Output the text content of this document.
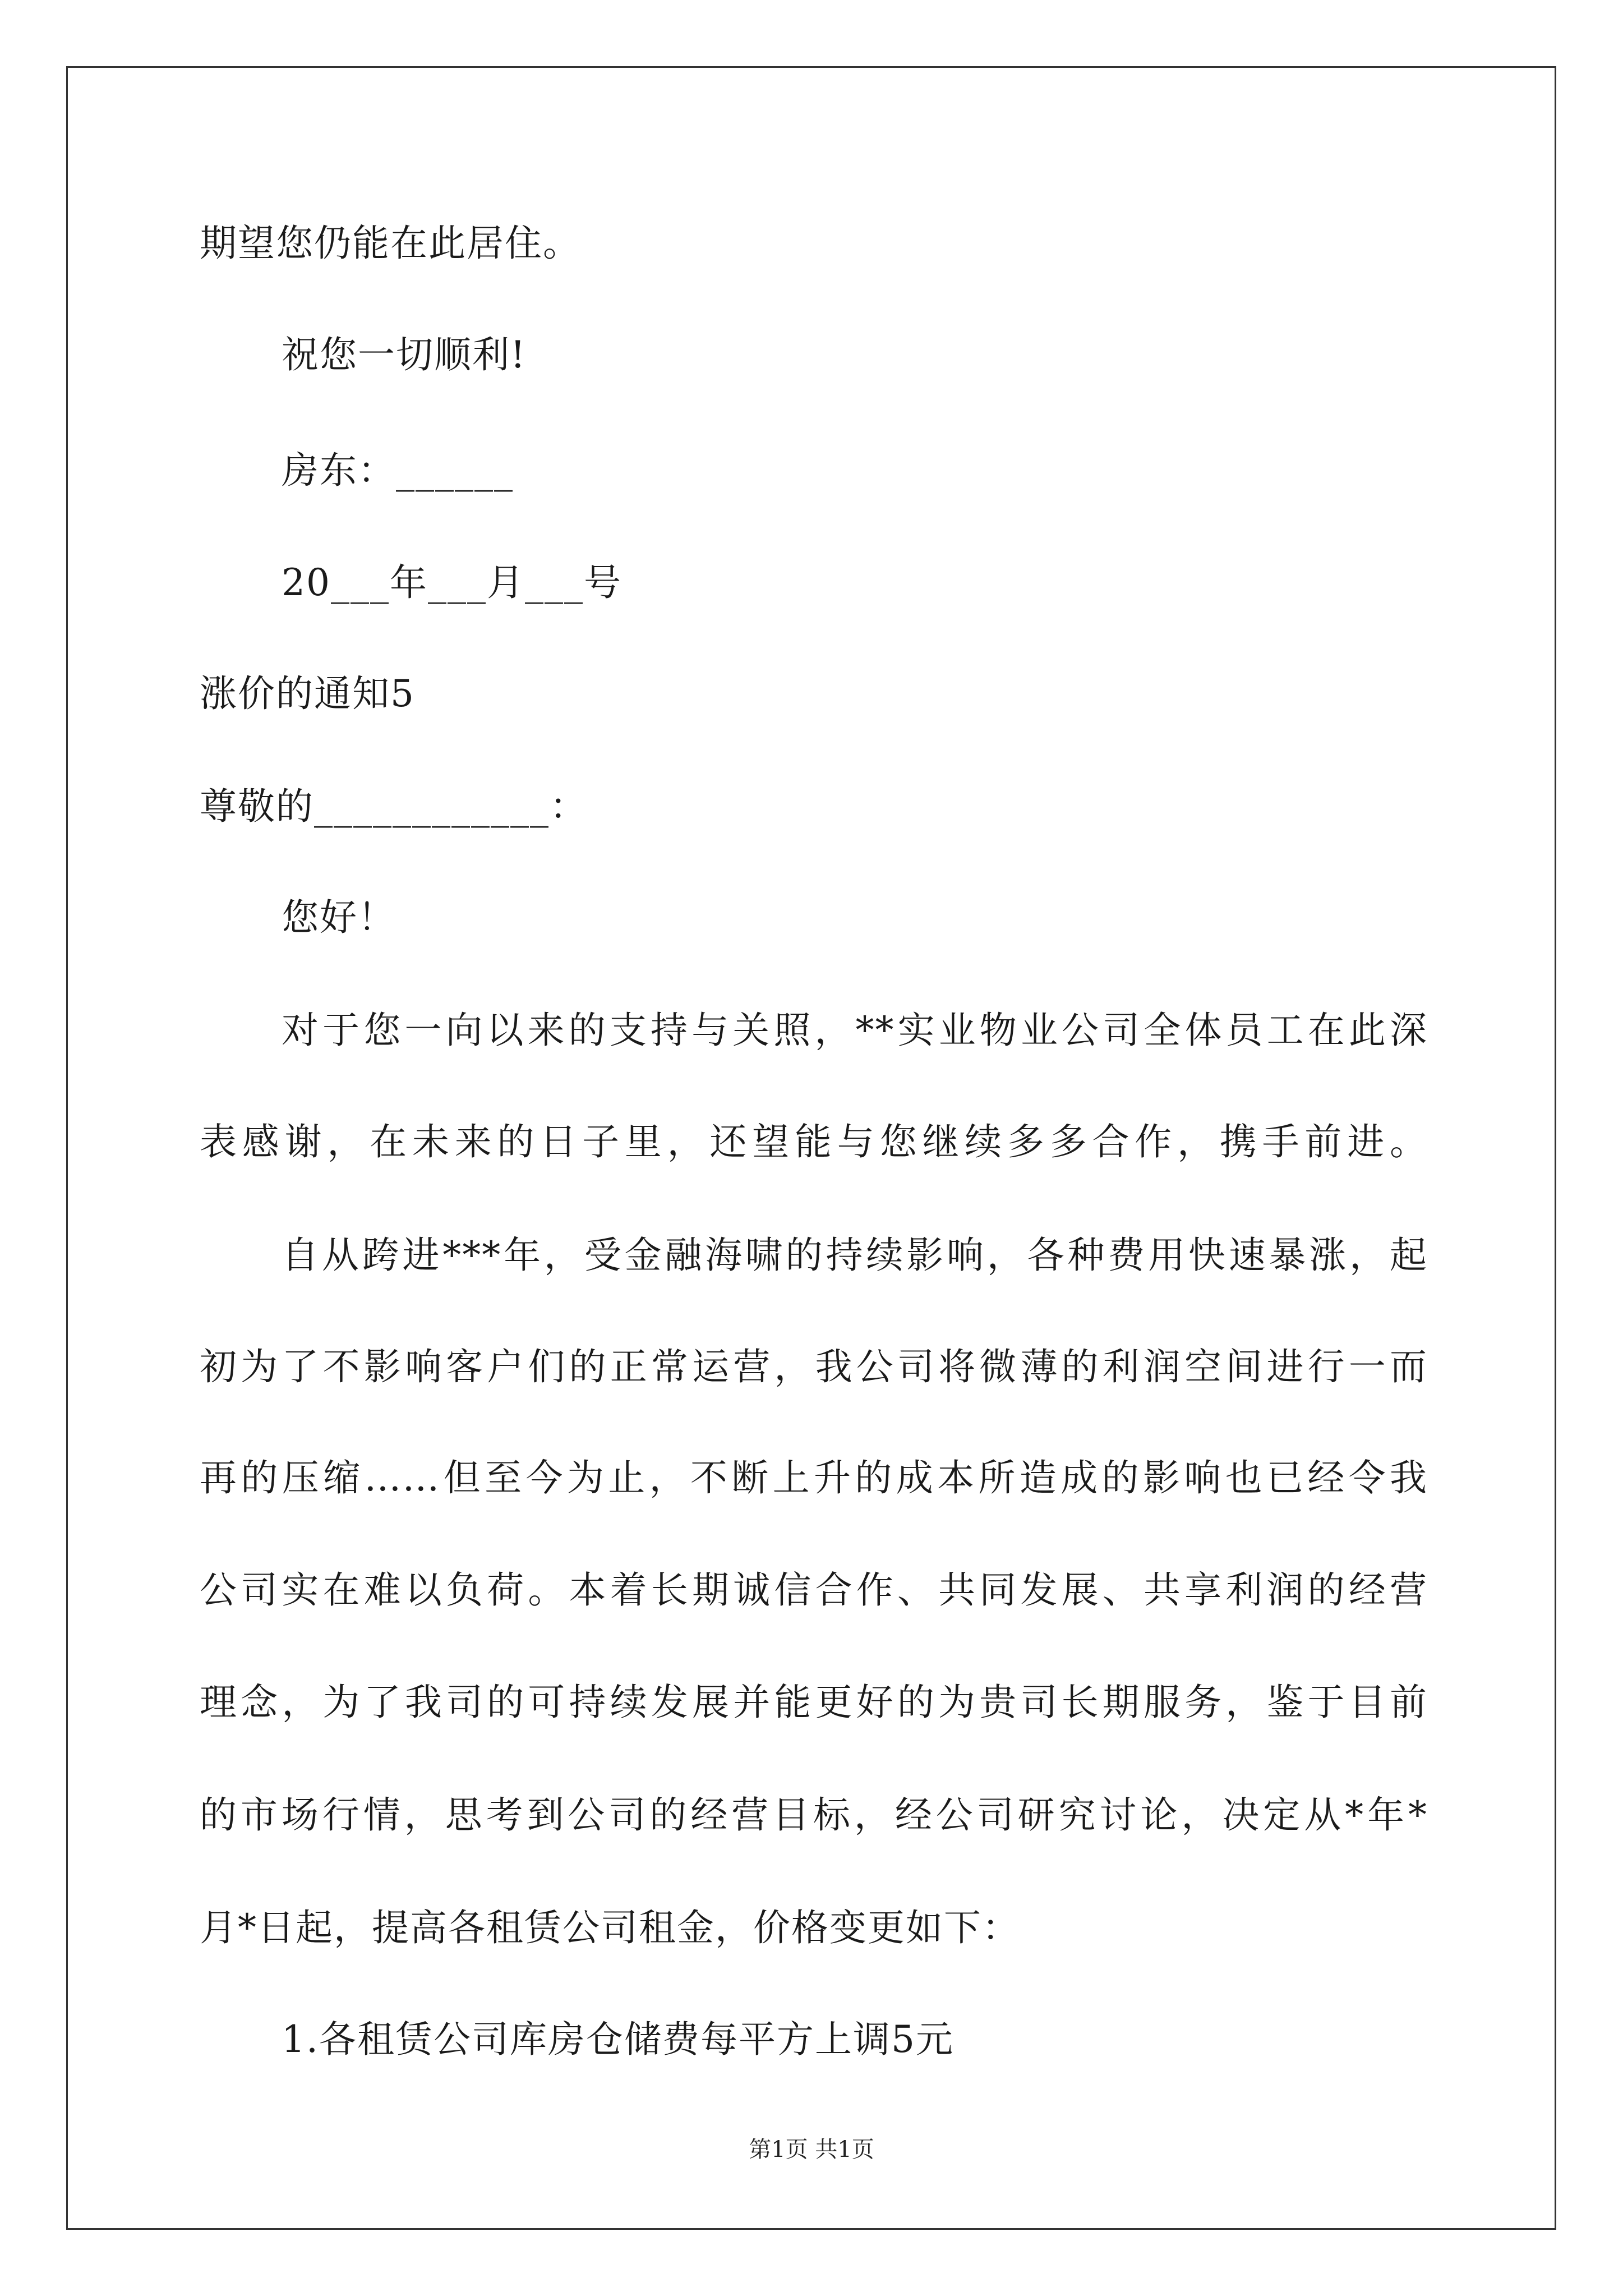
期望您仍能在此居住。
祝您一切顺利!
房东：______
20___年___月___号
涨价的通知5
尊敬的____________：
您好！
对于您一向以来的支持与关照，**实业物业公司全体员工在此深
表感谢，在未来的日子里，还望能与您继续多多合作，携手前进。
自从跨进***年，受金融海啸的持续影响，各种费用快速暴涨，起
初为了不影响客户们的正常运营，我公司将微薄的利润空间进行一而
再的压缩……但至今为止，不断上升的成本所造成的影响也已经令我
公司实在难以负荷。本着长期诚信合作、共同发展、共享利润的经营
理念，为了我司的可持续发展并能更好的为贵司长期服务，鉴于目前
的市场行情，思考到公司的经营目标，经公司研究讨论，决定从*年*
月*日起，提高各租赁公司租金，价格变更如下：
1.各租赁公司库房仓储费每平方上调5元
第1页 共1页
